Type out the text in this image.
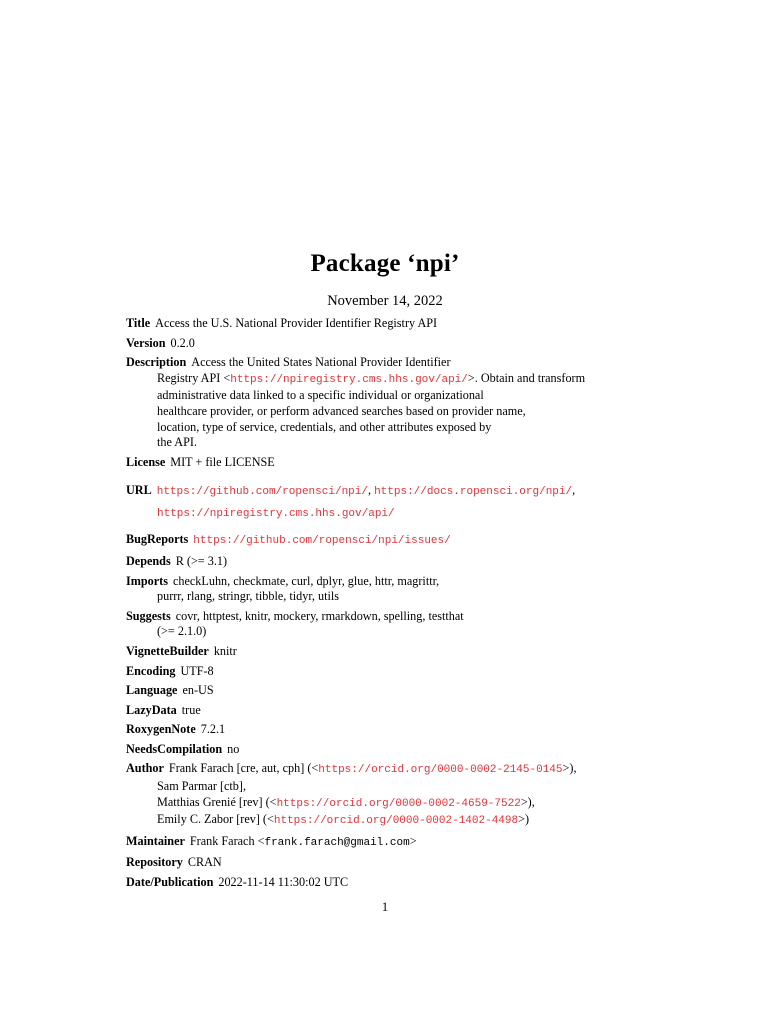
Package ‘npi’
November 14, 2022

Title Access the U.S. National Provider Identifier Registry API

Version 0.2.0

Description Access the United States National Provider Identifier
Registry API <https://npiregistry.cms.hhs.gov/api/>. Obtain and transform
administrative data linked to a specific individual or organizational
healthcare provider, or perform advanced searches based on provider name,
location, type of service, credentials, and other attributes exposed by
the API.

License MIT + file LICENSE

URL https://github.com/ropensci/npi/, https://docs.ropensci.org/npi/,
https://npiregistry.cms.hhs.gov/api/

BugReports https://github.com/ropensci/npi/issues/

Depends R (>= 3.1)

Imports checkLuhn, checkmate, curl, dplyr, glue, httr, magrittr,
purrr, rlang, stringr, tibble, tidyr, utils

Suggests covr, httptest, knitr, mockery, rmarkdown, spelling, testthat
(>= 2.1.0)

VignetteBuilder knitr

Encoding UTF-8

Language en-US

LazyData true

RoxygenNote 7.2.1

NeedsCompilation no

Author Frank Farach [cre, aut, cph] (<https://orcid.org/0000-0002-2145-0145>),
Sam Parmar [ctb],
Matthias Grenié [rev] (<https://orcid.org/0000-0002-4659-7522>),
Emily C. Zabor [rev] (<https://orcid.org/0000-0002-1402-4498>)

Maintainer Frank Farach <frank.farach@gmail.com>

Repository CRAN

Date/Publication 2022-11-14 11:30:02 UTC

1
